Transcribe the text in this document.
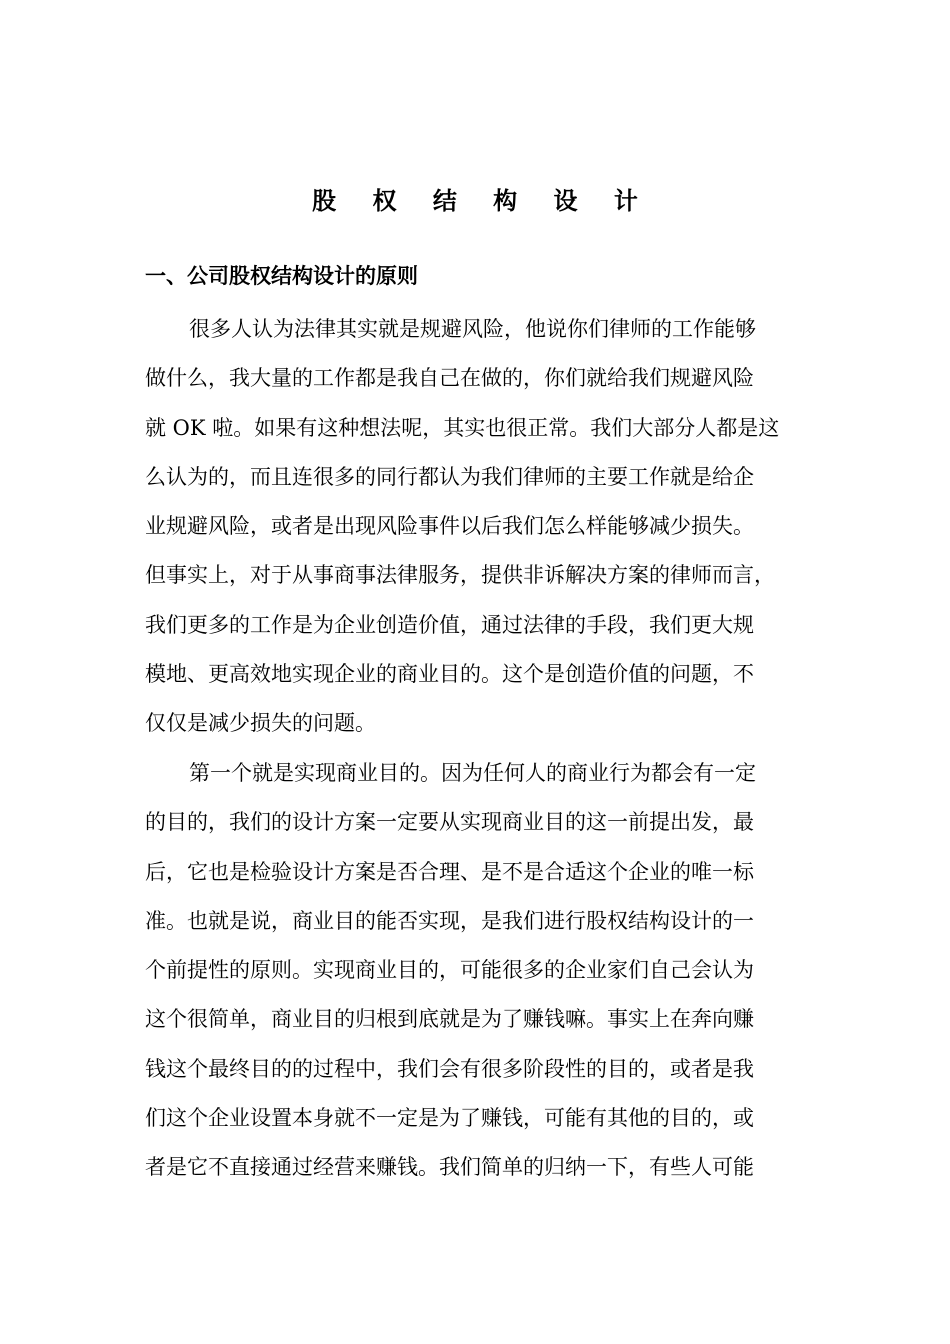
股 权 结 构 设 计
一、公司股权结构设计的原则
很多人认为法律其实就是规避风险，他说你们律师的工作能够
做什么，我大量的工作都是我自己在做的，你们就给我们规避风险
就 OK 啦。如果有这种想法呢，其实也很正常。我们大部分人都是这
么认为的，而且连很多的同行都认为我们律师的主要工作就是给企
业规避风险，或者是出现风险事件以后我们怎么样能够减少损失。
但事实上，对于从事商事法律服务，提供非诉解决方案的律师而言，
我们更多的工作是为企业创造价值，通过法律的手段，我们更大规
模地、更高效地实现企业的商业目的。这个是创造价值的问题，不
仅仅是减少损失的问题。
第一个就是实现商业目的。因为任何人的商业行为都会有一定
的目的，我们的设计方案一定要从实现商业目的这一前提出发，最
后，它也是检验设计方案是否合理、是不是合适这个企业的唯一标
准。也就是说，商业目的能否实现，是我们进行股权结构设计的一
个前提性的原则。实现商业目的，可能很多的企业家们自己会认为
这个很简单，商业目的归根到底就是为了赚钱嘛。事实上在奔向赚
钱这个最终目的的过程中，我们会有很多阶段性的目的，或者是我
们这个企业设置本身就不一定是为了赚钱，可能有其他的目的，或
者是它不直接通过经营来赚钱。我们简单的归纳一下，有些人可能
